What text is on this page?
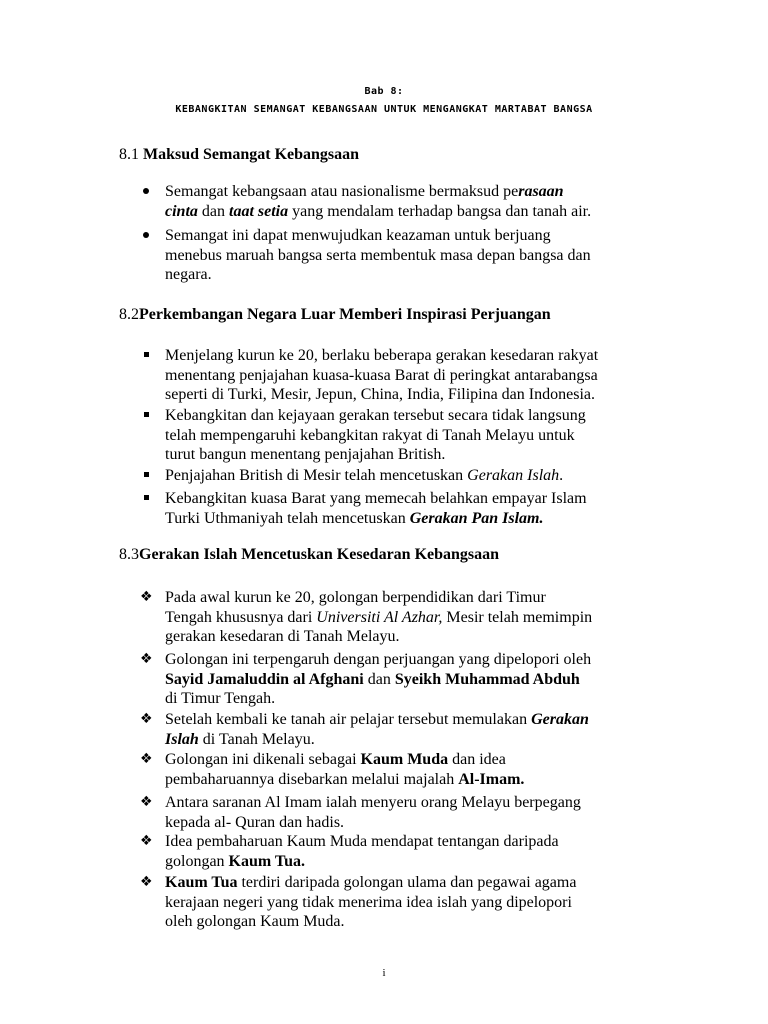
Bab 8:
KEBANGKITAN SEMANGAT KEBANGSAAN UNTUK MENGANGKAT MARTABAT BANGSA
8.1 Maksud Semangat Kebangsaan
Semangat kebangsaan atau nasionalisme bermaksud perasaan
cinta dan taat setia yang mendalam terhadap bangsa dan tanah air.
Semangat ini dapat menwujudkan keazaman untuk berjuang
menebus maruah bangsa serta membentuk masa depan bangsa dan
negara.
8.2Perkembangan Negara Luar Memberi Inspirasi Perjuangan
Menjelang kurun ke 20, berlaku beberapa gerakan kesedaran rakyat
menentang penjajahan kuasa-kuasa Barat di peringkat antarabangsa
seperti di Turki, Mesir, Jepun, China, India, Filipina dan Indonesia.
Kebangkitan dan kejayaan gerakan tersebut secara tidak langsung
telah mempengaruhi kebangkitan rakyat di Tanah Melayu untuk
turut bangun menentang penjajahan British.
Penjajahan British di Mesir telah mencetuskan Gerakan Islah.
Kebangkitan kuasa Barat yang memecah belahkan empayar Islam
Turki Uthmaniyah telah mencetuskan Gerakan Pan Islam.
8.3Gerakan Islah Mencetuskan Kesedaran Kebangsaan
❖ Pada awal kurun ke 20, golongan berpendidikan dari Timur
Tengah khususnya dari Universiti Al Azhar, Mesir telah memimpin
gerakan kesedaran di Tanah Melayu.
❖ Golongan ini terpengaruh dengan perjuangan yang dipelopori oleh
Sayid Jamaluddin al Afghani dan Syeikh Muhammad Abduh
di Timur Tengah.
❖ Setelah kembali ke tanah air pelajar tersebut memulakan Gerakan
Islah di Tanah Melayu.
❖ Golongan ini dikenali sebagai Kaum Muda dan idea
pembaharuannya disebarkan melalui majalah Al-Imam.
❖ Antara saranan Al Imam ialah menyeru orang Melayu berpegang
kepada al- Quran dan hadis.
❖ Idea pembaharuan Kaum Muda mendapat tentangan daripada
golongan Kaum Tua.
❖ Kaum Tua terdiri daripada golongan ulama dan pegawai agama
kerajaan negeri yang tidak menerima idea islah yang dipelopori
oleh golongan Kaum Muda.
i
